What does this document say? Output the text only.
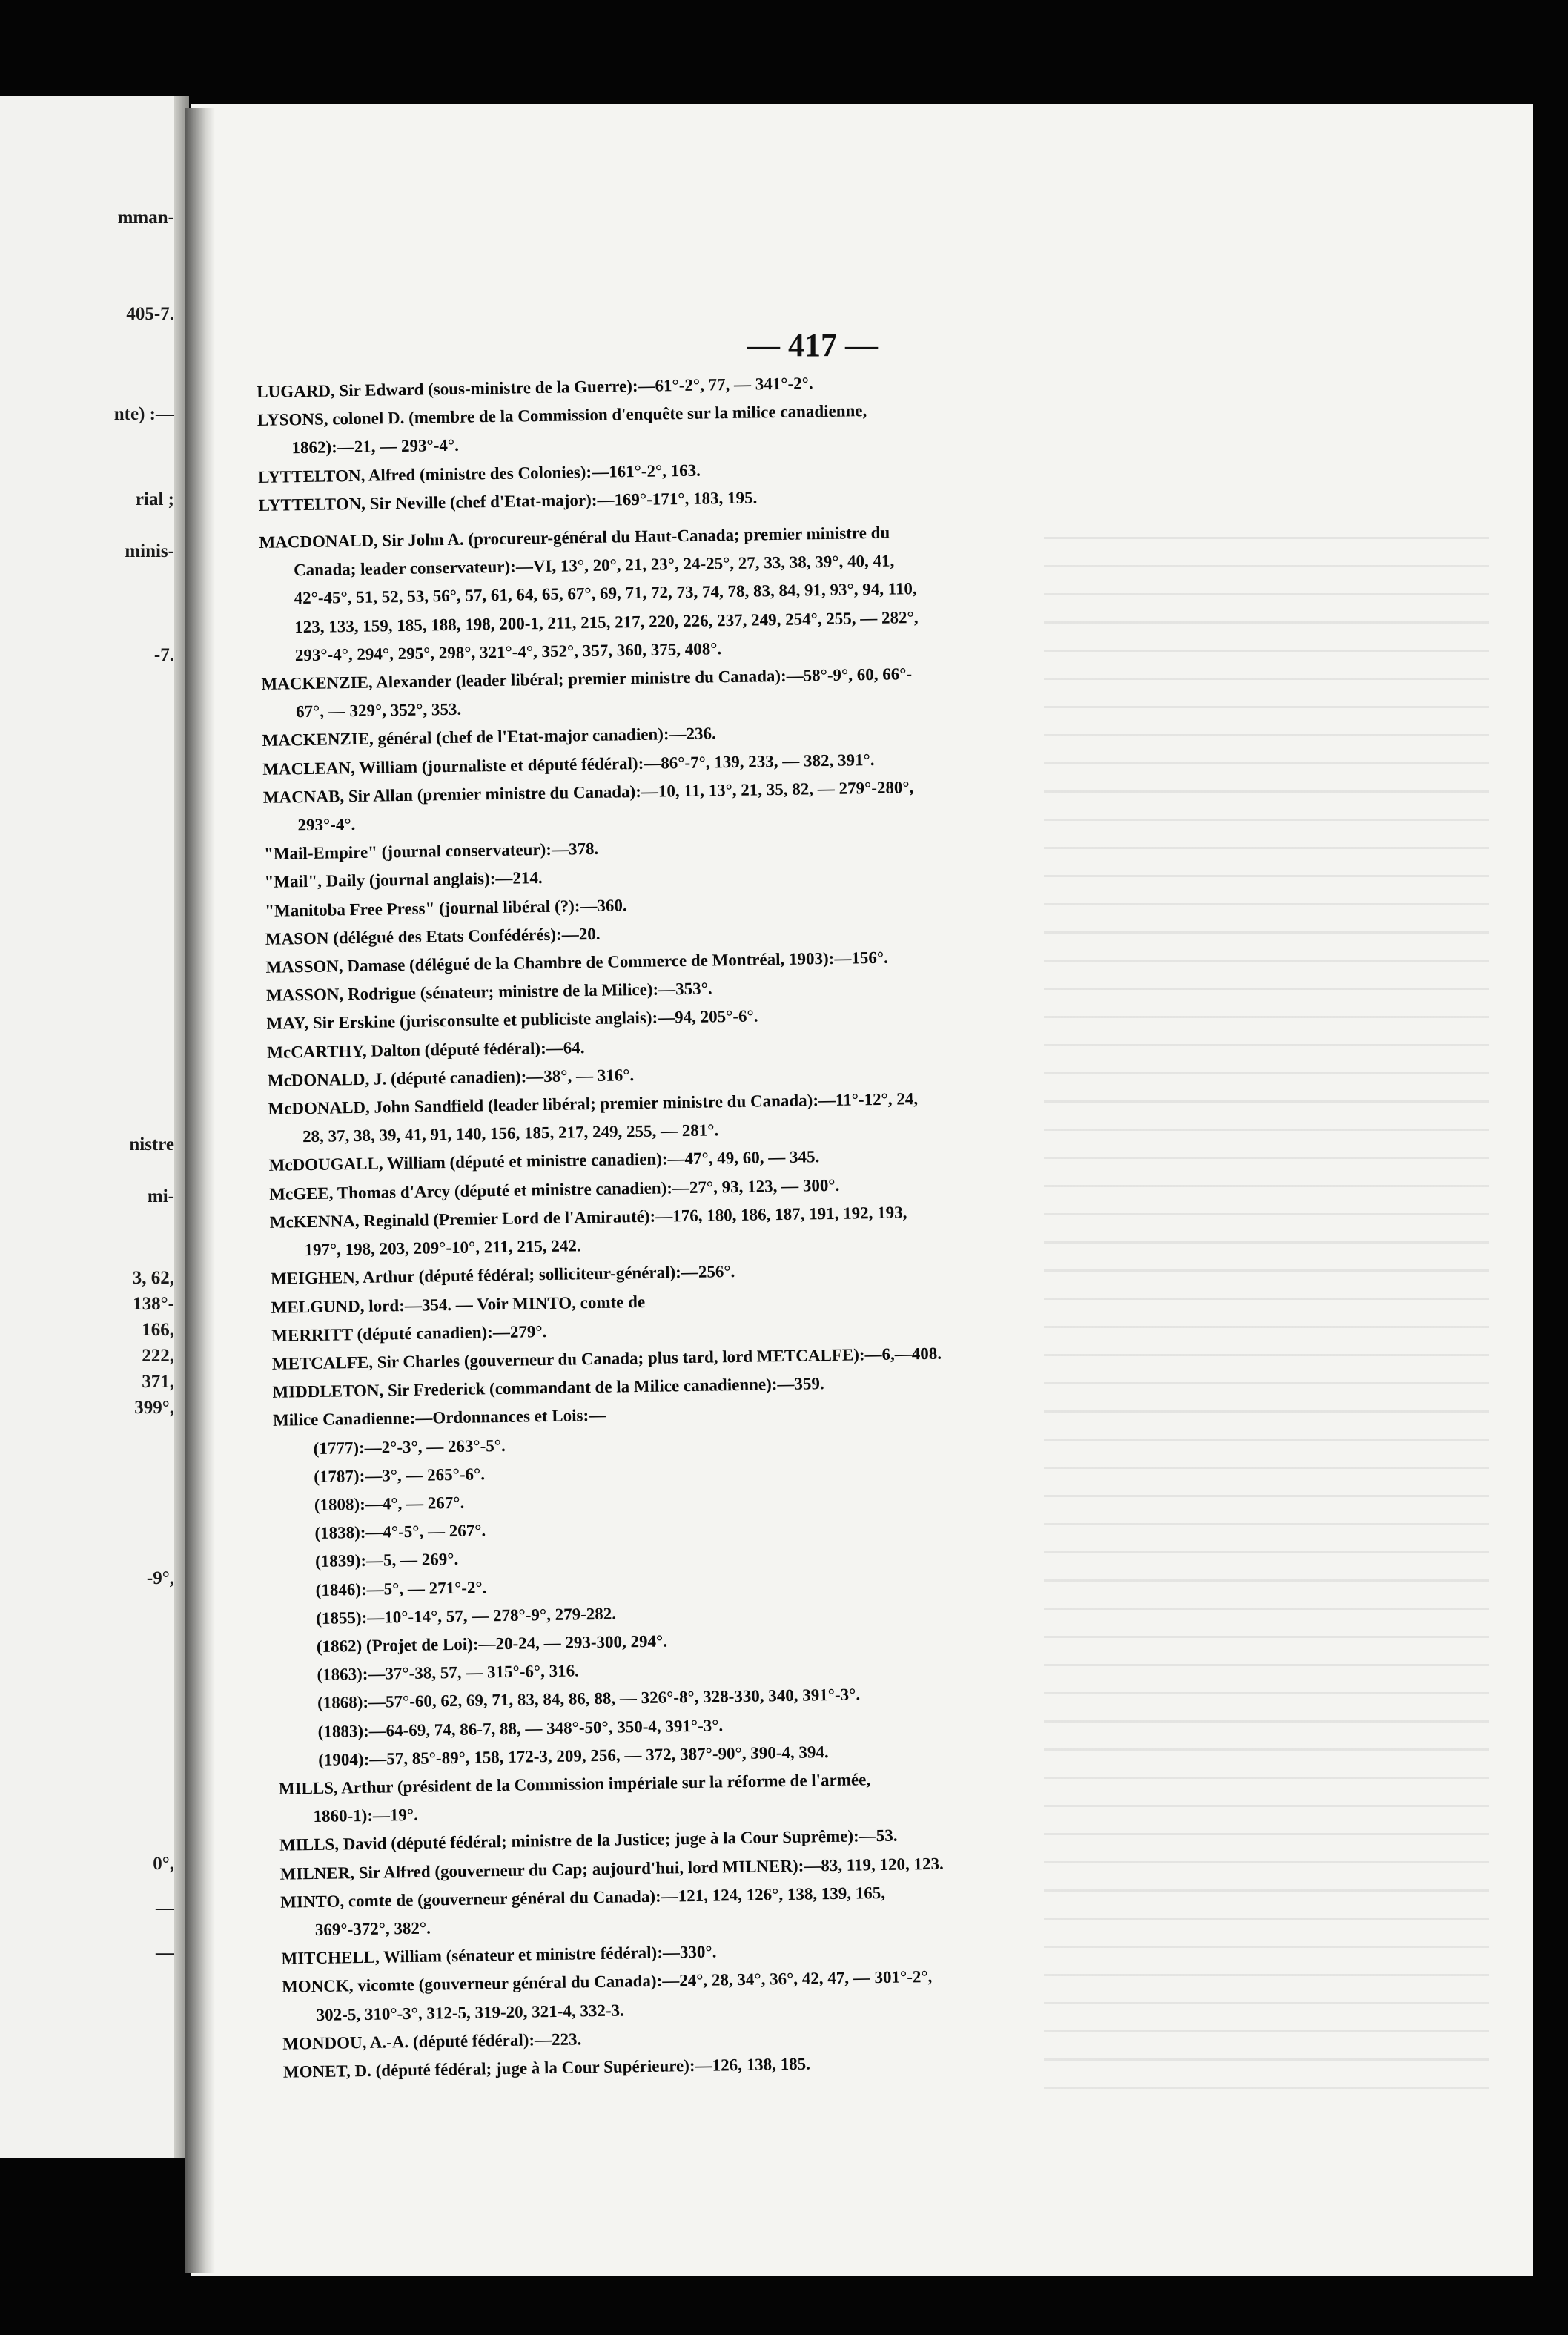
mman-
405-7.
nte) :—
rial ;
minis-
-7.
nistre
mi-
3, 62,
138°-
166,
222,
371,
399°,
-9°,
0°,
—
—
— 417 —
LUGARD, Sir Edward (sous-ministre de la Guerre):—61°-2°, 77, — 341°-2°.
LYSONS, colonel D. (membre de la Commission d'enquête sur la milice canadienne,
1862):—21, — 293°-4°.
LYTTELTON, Alfred (ministre des Colonies):—161°-2°, 163.
LYTTELTON, Sir Neville (chef d'Etat-major):—169°-171°, 183, 195.
MACDONALD, Sir John A. (procureur-général du Haut-Canada; premier ministre du
Canada; leader conservateur):—VI, 13°, 20°, 21, 23°, 24-25°, 27, 33, 38, 39°, 40, 41,
42°-45°, 51, 52, 53, 56°, 57, 61, 64, 65, 67°, 69, 71, 72, 73, 74, 78, 83, 84, 91, 93°, 94, 110,
123, 133, 159, 185, 188, 198, 200-1, 211, 215, 217, 220, 226, 237, 249, 254°, 255, — 282°,
293°-4°, 294°, 295°, 298°, 321°-4°, 352°, 357, 360, 375, 408°.
MACKENZIE, Alexander (leader libéral; premier ministre du Canada):—58°-9°, 60, 66°-
67°, — 329°, 352°, 353.
MACKENZIE, général (chef de l'Etat-major canadien):—236.
MACLEAN, William (journaliste et député fédéral):—86°-7°, 139, 233, — 382, 391°.
MACNAB, Sir Allan (premier ministre du Canada):—10, 11, 13°, 21, 35, 82, — 279°-280°,
293°-4°.
"Mail-Empire" (journal conservateur):—378.
"Mail", Daily (journal anglais):—214.
"Manitoba Free Press" (journal libéral (?):—360.
MASON (délégué des Etats Confédérés):—20.
MASSON, Damase (délégué de la Chambre de Commerce de Montréal, 1903):—156°.
MASSON, Rodrigue (sénateur; ministre de la Milice):—353°.
MAY, Sir Erskine (jurisconsulte et publiciste anglais):—94, 205°-6°.
McCARTHY, Dalton (député fédéral):—64.
McDONALD, J. (député canadien):—38°, — 316°.
McDONALD, John Sandfield (leader libéral; premier ministre du Canada):—11°-12°, 24,
28, 37, 38, 39, 41, 91, 140, 156, 185, 217, 249, 255, — 281°.
McDOUGALL, William (député et ministre canadien):—47°, 49, 60, — 345.
McGEE, Thomas d'Arcy (député et ministre canadien):—27°, 93, 123, — 300°.
McKENNA, Reginald (Premier Lord de l'Amirauté):—176, 180, 186, 187, 191, 192, 193,
197°, 198, 203, 209°-10°, 211, 215, 242.
MEIGHEN, Arthur (député fédéral; solliciteur-général):—256°.
MELGUND, lord:—354. — Voir MINTO, comte de
MERRITT (député canadien):—279°.
METCALFE, Sir Charles (gouverneur du Canada; plus tard, lord METCALFE):—6,—408.
MIDDLETON, Sir Frederick (commandant de la Milice canadienne):—359.
Milice Canadienne:—Ordonnances et Lois:—
(1777):—2°-3°, — 263°-5°.
(1787):—3°, — 265°-6°.
(1808):—4°, — 267°.
(1838):—4°-5°, — 267°.
(1839):—5, — 269°.
(1846):—5°, — 271°-2°.
(1855):—10°-14°, 57, — 278°-9°, 279-282.
(1862) (Projet de Loi):—20-24, — 293-300, 294°.
(1863):—37°-38, 57, — 315°-6°, 316.
(1868):—57°-60, 62, 69, 71, 83, 84, 86, 88, — 326°-8°, 328-330, 340, 391°-3°.
(1883):—64-69, 74, 86-7, 88, — 348°-50°, 350-4, 391°-3°.
(1904):—57, 85°-89°, 158, 172-3, 209, 256, — 372, 387°-90°, 390-4, 394.
MILLS, Arthur (président de la Commission impériale sur la réforme de l'armée,
1860-1):—19°.
MILLS, David (député fédéral; ministre de la Justice; juge à la Cour Suprême):—53.
MILNER, Sir Alfred (gouverneur du Cap; aujourd'hui, lord MILNER):—83, 119, 120, 123.
MINTO, comte de (gouverneur général du Canada):—121, 124, 126°, 138, 139, 165,
369°-372°, 382°.
MITCHELL, William (sénateur et ministre fédéral):—330°.
MONCK, vicomte (gouverneur général du Canada):—24°, 28, 34°, 36°, 42, 47, — 301°-2°,
302-5, 310°-3°, 312-5, 319-20, 321-4, 332-3.
MONDOU, A.-A. (député fédéral):—223.
MONET, D. (député fédéral; juge à la Cour Supérieure):—126, 138, 185.
